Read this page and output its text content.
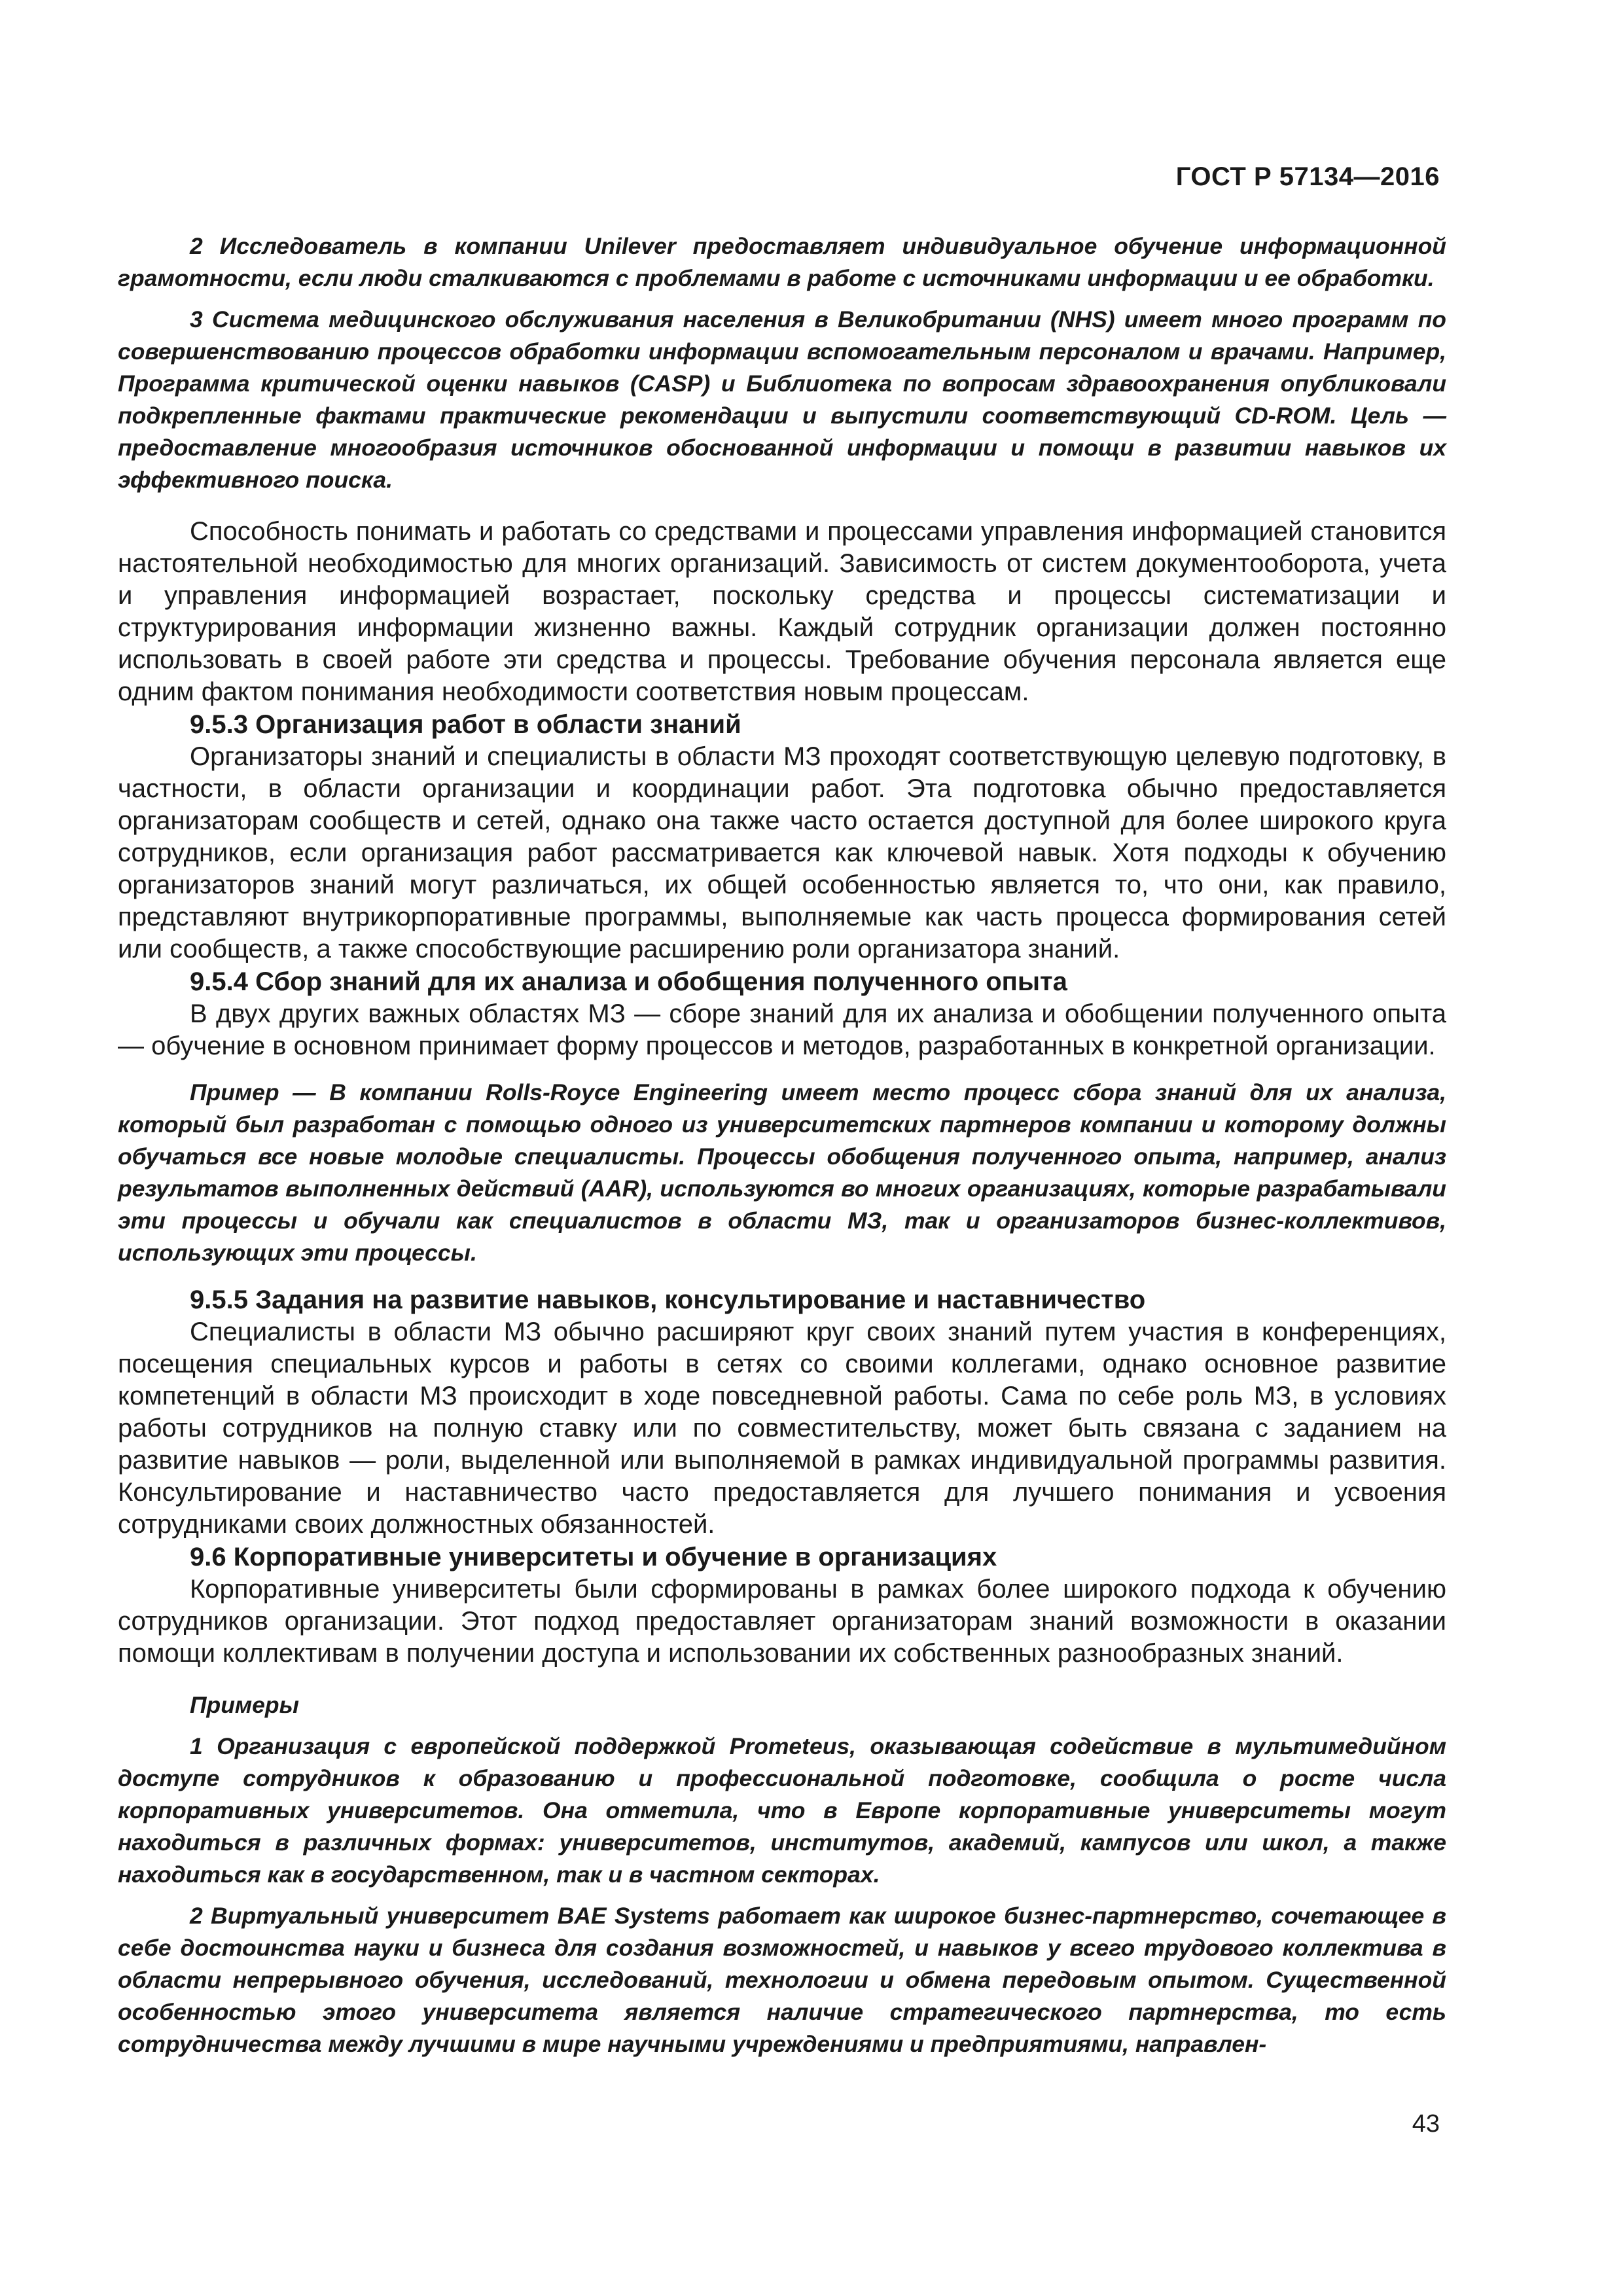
ГОСТ Р 57134—2016

2 Исследователь в компании Unilever предоставляет индивидуальное обучение информационной грамотности, если люди сталкиваются с проблемами в работе с источниками информации и ее обработки.

3 Система медицинского обслуживания населения в Великобритании (NHS) имеет много программ по совершенствованию процессов обработки информации вспомогательным персоналом и врачами. Например, Программа критической оценки навыков (CASP) и Библиотека по вопросам здравоохранения опубликовали подкрепленные фактами практические рекомендации и выпустили соответствующий CD-ROM. Цель — предоставление многообразия источников обоснованной информации и помощи в развитии навыков их эффективного поиска.

Способность понимать и работать со средствами и процессами управления информацией становится настоятельной необходимостью для многих организаций. Зависимость от систем документооборота, учета и управления информацией возрастает, поскольку средства и процессы систематизации и структурирования информации жизненно важны. Каждый сотрудник организации должен постоянно использовать в своей работе эти средства и процессы. Требование обучения персонала является еще одним фактом понимания необходимости соответствия новым процессам.

9.5.3 Организация работ в области знаний

Организаторы знаний и специалисты в области МЗ проходят соответствующую целевую подготовку, в частности, в области организации и координации работ. Эта подготовка обычно предоставляется организаторам сообществ и сетей, однако она также часто остается доступной для более широкого круга сотрудников, если организация работ рассматривается как ключевой навык. Хотя подходы к обучению организаторов знаний могут различаться, их общей особенностью является то, что они, как правило, представляют внутрикорпоративные программы, выполняемые как часть процесса формирования сетей или сообществ, а также способствующие расширению роли организатора знаний.

9.5.4 Сбор знаний для их анализа и обобщения полученного опыта

В двух других важных областях МЗ — сборе знаний для их анализа и обобщении полученного опыта — обучение в основном принимает форму процессов и методов, разработанных в конкретной организации.

Пример — В компании Rolls-Royce Engineering имеет место процесс сбора знаний для их анализа, который был разработан с помощью одного из университетских партнеров компании и которому должны обучаться все новые молодые специалисты. Процессы обобщения полученного опыта, например, анализ результатов выполненных действий (AAR), используются во многих организациях, которые разрабатывали эти процессы и обучали как специалистов в области МЗ, так и организаторов бизнес-коллективов, использующих эти процессы.

9.5.5 Задания на развитие навыков, консультирование и наставничество

Специалисты в области МЗ обычно расширяют круг своих знаний путем участия в конференциях, посещения специальных курсов и работы в сетях со своими коллегами, однако основное развитие компетенций в области МЗ происходит в ходе повседневной работы. Сама по себе роль МЗ, в условиях работы сотрудников на полную ставку или по совместительству, может быть связана с заданием на развитие навыков — роли, выделенной или выполняемой в рамках индивидуальной программы развития. Консультирование и наставничество часто предоставляется для лучшего понимания и усвоения сотрудниками своих должностных обязанностей.

9.6 Корпоративные университеты и обучение в организациях

Корпоративные университеты были сформированы в рамках более широкого подхода к обучению сотрудников организации. Этот подход предоставляет организаторам знаний возможности в оказании помощи коллективам в получении доступа и использовании их собственных разнообразных знаний.

Примеры

1 Организация с европейской поддержкой Prometeus, оказывающая содействие в мультимедийном доступе сотрудников к образованию и профессиональной подготовке, сообщила о росте числа корпоративных университетов. Она отметила, что в Европе корпоративные университеты могут находиться в различных формах: университетов, институтов, академий, кампусов или школ, а также находиться как в государственном, так и в частном секторах.

2 Виртуальный университет BAE Systems работает как широкое бизнес-партнерство, сочетающее в себе достоинства науки и бизнеса для создания возможностей, и навыков у всего трудового коллектива в области непрерывного обучения, исследований, технологии и обмена передовым опытом. Существенной особенностью этого университета является наличие стратегического партнерства, то есть сотрудничества между лучшими в мире научными учреждениями и предприятиями, направлен-

43
